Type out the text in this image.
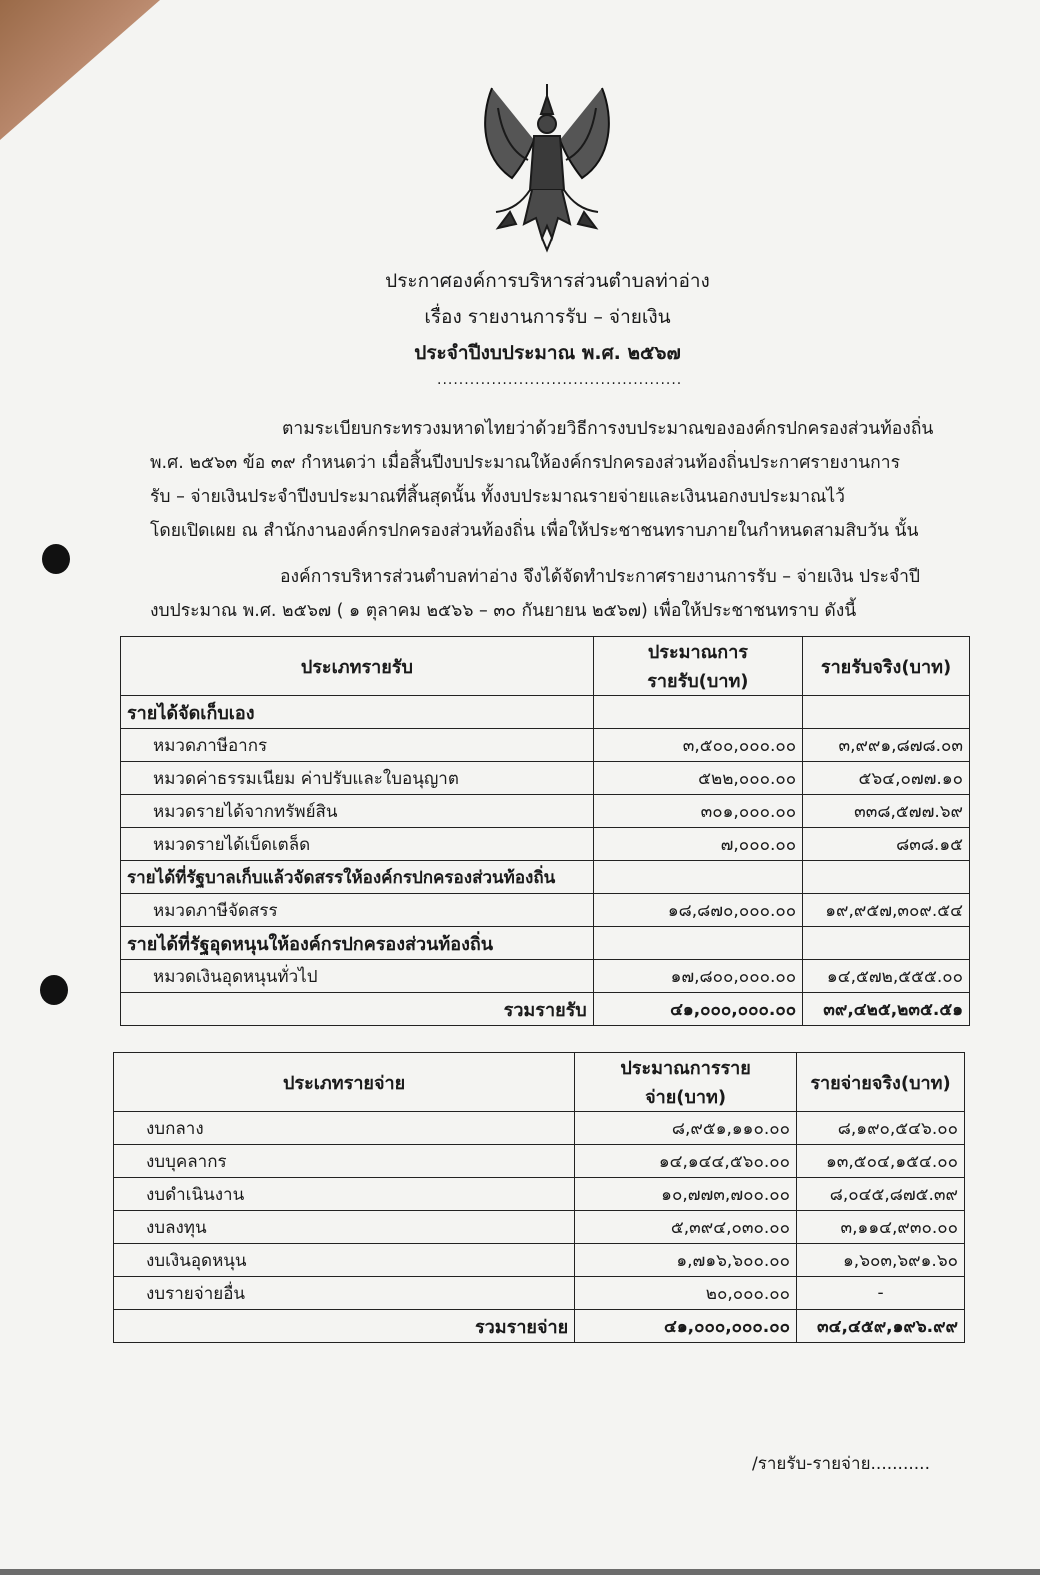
ประกาศองค์การบริหารส่วนตำบลท่าอ่าง
เรื่อง รายงานการรับ – จ่ายเงิน
ประจำปีงบประมาณ พ.ศ. ๒๕๖๗
.............................................
ตามระเบียบกระทรวงมหาดไทยว่าด้วยวิธีการงบประมาณขององค์กรปกครองส่วนท้องถิ่น
พ.ศ. ๒๕๖๓ ข้อ ๓๙ กำหนดว่า เมื่อสิ้นปีงบประมาณให้องค์กรปกครองส่วนท้องถิ่นประกาศรายงานการ
รับ – จ่ายเงินประจำปีงบประมาณที่สิ้นสุดนั้น ทั้งงบประมาณรายจ่ายและเงินนอกงบประมาณไว้
โดยเปิดเผย ณ สำนักงานองค์กรปกครองส่วนท้องถิ่น เพื่อให้ประชาชนทราบภายในกำหนดสามสิบวัน นั้น
องค์การบริหารส่วนตำบลท่าอ่าง จึงได้จัดทำประกาศรายงานการรับ – จ่ายเงิน ประจำปี
งบประมาณ พ.ศ. ๒๕๖๗ ( ๑ ตุลาคม ๒๕๖๖ – ๓๐ กันยายน ๒๕๖๗) เพื่อให้ประชาชนทราบ ดังนี้
ประเภทรายรับ	ประมาณการรายรับ(บาท)	รายรับจริง(บาท)
รายได้จัดเก็บเอง		
หมวดภาษีอากร	๓,๕๐๐,๐๐๐.๐๐	๓,๙๙๑,๘๗๘.๐๓
หมวดค่าธรรมเนียม ค่าปรับและใบอนุญาต	๕๒๒,๐๐๐.๐๐	๕๖๔,๐๗๗.๑๐
หมวดรายได้จากทรัพย์สิน	๓๐๑,๐๐๐.๐๐	๓๓๘,๕๗๗.๖๙
หมวดรายได้เบ็ดเตล็ด	๗,๐๐๐.๐๐	๘๓๘.๑๕
รายได้ที่รัฐบาลเก็บแล้วจัดสรรให้องค์กรปกครองส่วนท้องถิ่น		
หมวดภาษีจัดสรร	๑๘,๘๗๐,๐๐๐.๐๐	๑๙,๙๕๗,๓๐๙.๕๔
รายได้ที่รัฐอุดหนุนให้องค์กรปกครองส่วนท้องถิ่น		
หมวดเงินอุดหนุนทั่วไป	๑๗,๘๐๐,๐๐๐.๐๐	๑๔,๕๗๒,๕๕๕.๐๐
รวมรายรับ	๔๑,๐๐๐,๐๐๐.๐๐	๓๙,๔๒๕,๒๓๕.๕๑
ประเภทรายจ่าย	ประมาณการรายจ่าย(บาท)	รายจ่ายจริง(บาท)
งบกลาง	๘,๙๕๑,๑๑๐.๐๐	๘,๑๙๐,๕๔๖.๐๐
งบบุคลากร	๑๔,๑๔๔,๕๖๐.๐๐	๑๓,๕๐๔,๑๕๔.๐๐
งบดำเนินงาน	๑๐,๗๗๓,๗๐๐.๐๐	๘,๐๔๕,๘๗๕.๓๙
งบลงทุน	๕,๓๙๔,๐๓๐.๐๐	๓,๑๑๔,๙๓๐.๐๐
งบเงินอุดหนุน	๑,๗๑๖,๖๐๐.๐๐	๑,๖๐๓,๖๙๑.๖๐
งบรายจ่ายอื่น	๒๐,๐๐๐.๐๐	-
รวมรายจ่าย	๔๑,๐๐๐,๐๐๐.๐๐	๓๔,๔๕๙,๑๙๖.๙๙
/รายรับ-รายจ่าย...........
